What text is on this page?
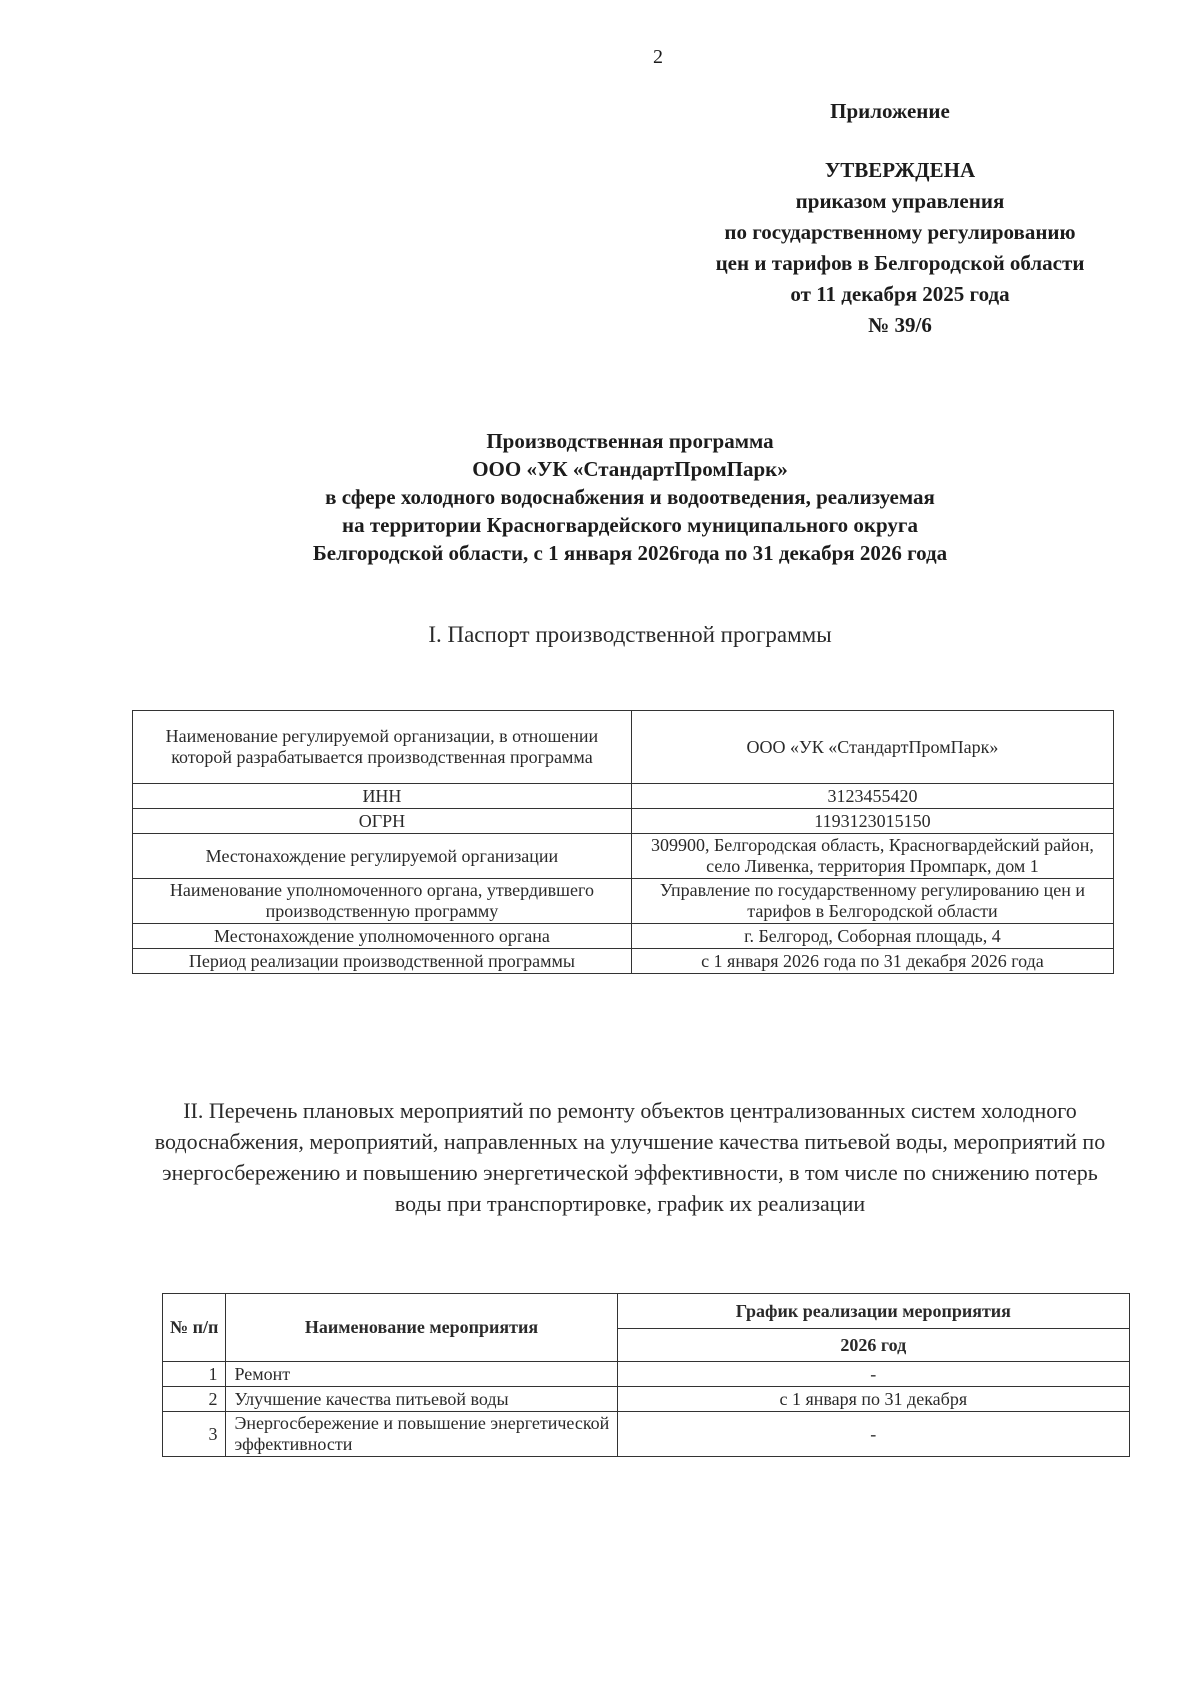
2
Приложение
УТВЕРЖДЕНА
приказом управления
по государственному регулированию
цен и тарифов в Белгородской области
от 11 декабря 2025 года
№ 39/6
Производственная программа
ООО «УК «СтандартПромПарк»
в сфере холодного водоснабжения и водоотведения, реализуемая
на территории Красногвардейского муниципального округа
Белгородской области, с 1 января 2026года по 31 декабря 2026 года
I. Паспорт производственной программы
Наименование регулируемой организации, в отношении которой разрабатывается производственная программа	ООО «УК «СтандартПромПарк»
ИНН	3123455420
ОГРН	1193123015150
Местонахождение регулируемой организации	309900, Белгородская область, Красногвардейский район, село Ливенка, территория Промпарк, дом 1
Наименование уполномоченного органа, утвердившего производственную программу	Управление по государственному регулированию цен и тарифов в Белгородской области
Местонахождение уполномоченного органа	г. Белгород, Соборная площадь, 4
Период реализации производственной программы	с 1 января 2026 года по 31 декабря 2026 года
II. Перечень плановых мероприятий по ремонту объектов централизованных систем холодного водоснабжения, мероприятий, направленных на улучшение качества питьевой воды, мероприятий по энергосбережению и повышению энергетической эффективности, в том числе по снижению потерь воды при транспортировке, график их реализации
№ п/п	Наименование мероприятия	График реализации мероприятия
		2026 год
1	Ремонт	-
2	Улучшение качества питьевой воды	с 1 января по 31 декабря
3	Энергосбережение и повышение энергетической эффективности	-
